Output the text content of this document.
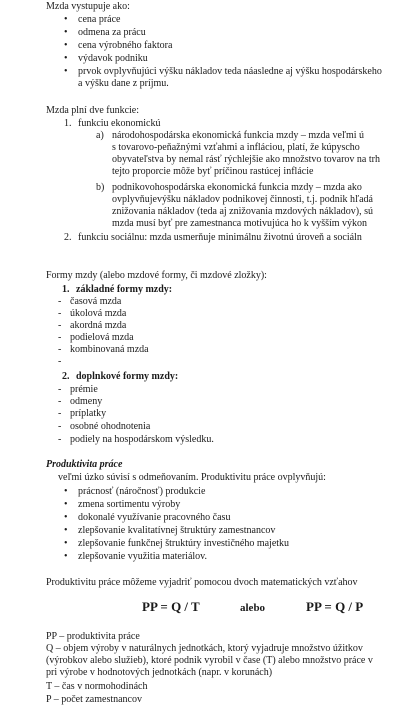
Mzda vystupuje ako:
• cena práce
• odmena za prácu
• cena výrobného faktora
• výdavok podniku
• prvok ovplyvňujúci výšku nákladov teda náasledne aj výšku hospodárskeho
a výšku dane z príjmu.
Mzda plní dve funkcie:
1. funkciu ekonomickú
a) národohospodárska ekonomická funkcia mzdy – mzda veľmi ú
s tovarovo-peňažnými vzťahmi a infláciou, platí, že kúpyscho
obyvateľstva by nemal rásť rýchlejšie ako množstvo tovarov na trh
tejto proporcie môže byť príčinou rastúcej inflácie
b) podnikovohospodárska ekonomická funkcia mzdy – mzda ako
ovplyvňujevýšku nákladov podnikovej činnosti, t.j. podnik hľadá
znižovania nákladov (teda aj znižovania mzdových nákladov), sú
mzda musí byť pre zamestnanca motivujúca ho k vyšším výkon
2. funkciu sociálnu: mzda usmerňuje minimálnu životnú úroveň a sociáln
Formy mzdy (alebo mzdové formy, či mzdové zložky):
1. základné formy mzdy:
- časová mzda
- úkolová mzda
- akordná mzda
- podielová mzda
- kombinovaná mzda
-
2. doplnkové formy mzdy:
- prémie
- odmeny
- príplatky
- osobné ohodnotenia
- podiely na hospodárskom výsledku.
Produktivita práce
veľmi úzko súvisí s odmeňovaním. Produktivitu práce ovplyvňujú:
• prácnosť (náročnosť) produkcie
• zmena sortimentu výroby
• dokonalé využívanie pracovného času
• zlepšovanie kvalitatívnej štruktúry zamestnancov
• zlepšovanie funkčnej štruktúry investičného majetku
• zlepšovanie využitia materiálov.
Produktivitu práce môžeme vyjadriť pomocou dvoch matematických vzťahov
PP = Q / T	alebo	PP = Q / P
PP – produktivita práce
Q – objem výroby v naturálnych jednotkách, ktorý vyjadruje množstvo úžitkov
(výrobkov alebo služieb), ktoré podnik vyrobil v čase (T) alebo množstvo práce v
pri výrobe v hodnotových jednotkách (napr. v korunách)
T – čas v normohodinách
P – počet zamestnancov
